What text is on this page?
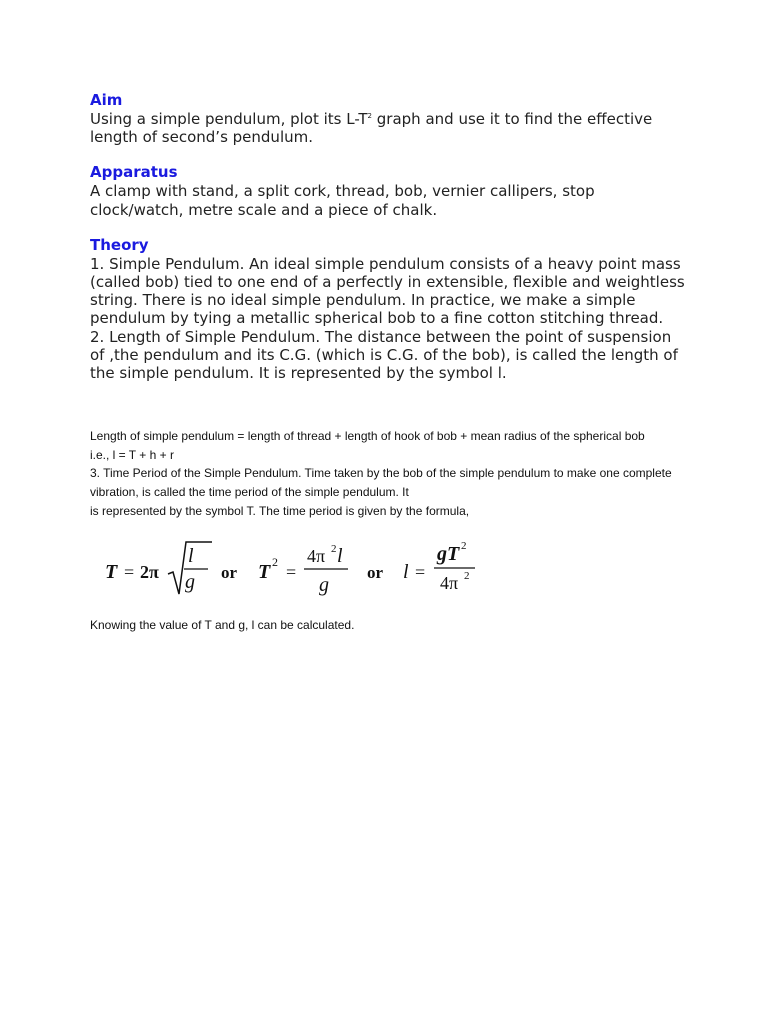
Aim

Using a simple pendulum, plot its $L-T^2$ graph and use it to find the effective length of second’s pendulum.

Apparatus

A clamp with stand, a split cork, thread, bob, vernier callipers, stop clock/watch, metre scale and a piece of chalk.

Theory

1. Simple Pendulum. An ideal simple pendulum consists of a heavy point mass (called bob) tied to one end of a perfectly in extensible, flexible and weightless string. There is no ideal simple pendulum. In practice, we make a simple pendulum by tying a metallic spherical bob to a fine cotton stitching thread.

2. Length of Simple Pendulum. The distance between the point of suspension of ,the pendulum and its C.G. (which is C.G. of the bob), is called the length of the simple pendulum. It is represented by the symbol l.

Length of simple pendulum = length of thread + length of hook of bob + mean radius of the spherical bob

i.e., l = T + h + r

3. Time Period of the Simple Pendulum. Time taken by the bob of the simple pendulum to make one complete vibration, is called the time period of the simple pendulum. It

is represented by the symbol T. The time period is given by the formula,

T = 2π
l
g or T 2 =
4π 2 l
g
or l =
gT 2
4π 2

Knowing the value of T and g, l can be calculated.
